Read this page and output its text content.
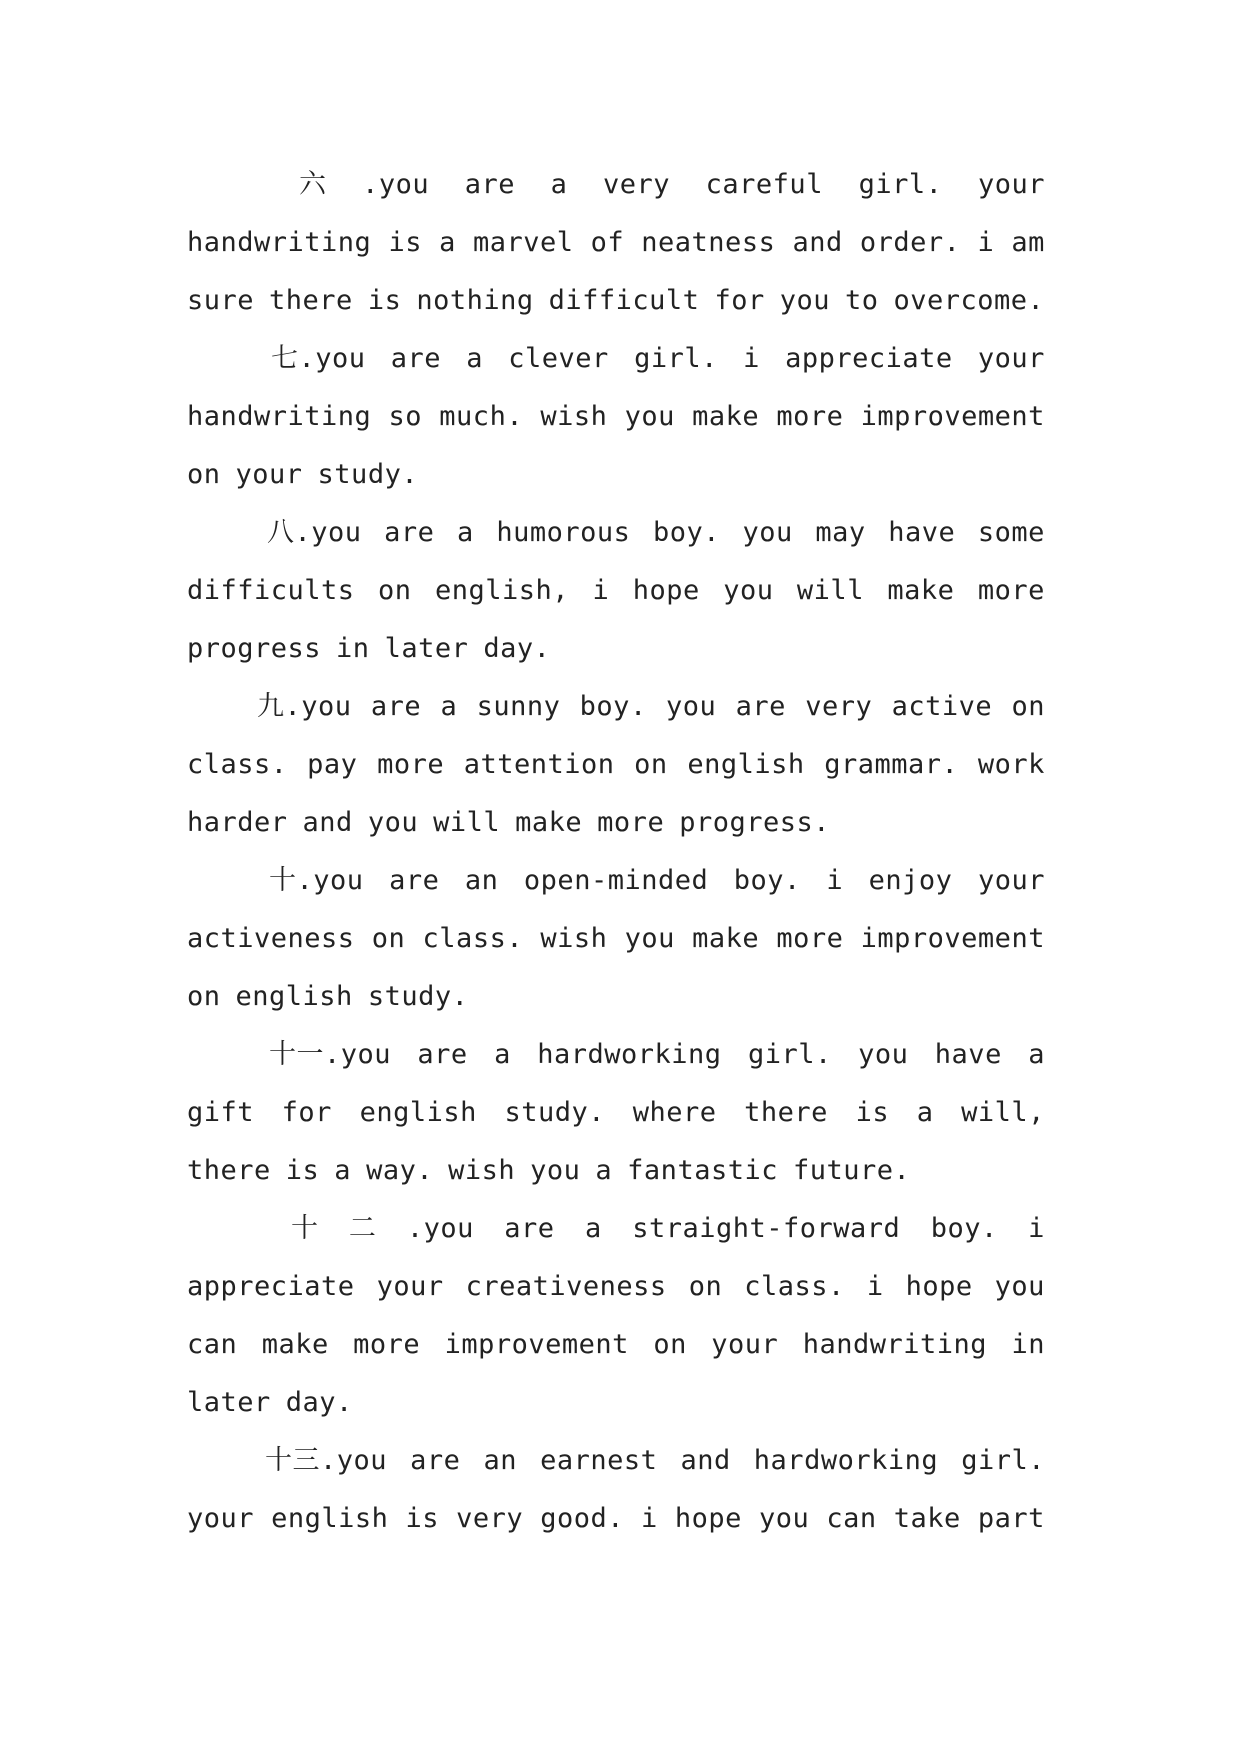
六 .you are a very careful girl. your
handwriting is a marvel of neatness and order. i am
sure there is nothing difficult for you to overcome.
七.you are a clever girl. i appreciate your
handwriting so much. wish you make more improvement
on your study.
八.you are a humorous boy. you may have some
difficults on english, i hope you will make more
progress in later day.
九.you are a sunny boy. you are very active on
class. pay more attention on english grammar. work
harder and you will make more progress.
十.you are an open-minded boy. i enjoy your
activeness on class. wish you make more improvement
on english study.
十一.you are a hardworking girl. you have a
gift for english study. where there is a will,
there is a way. wish you a fantastic future.
十 二 .you are a straight-forward boy. i
appreciate your creativeness on class. i hope you
can make more improvement on your handwriting in
later day.
十三.you are an earnest and hardworking girl.
your english is very good. i hope you can take part
